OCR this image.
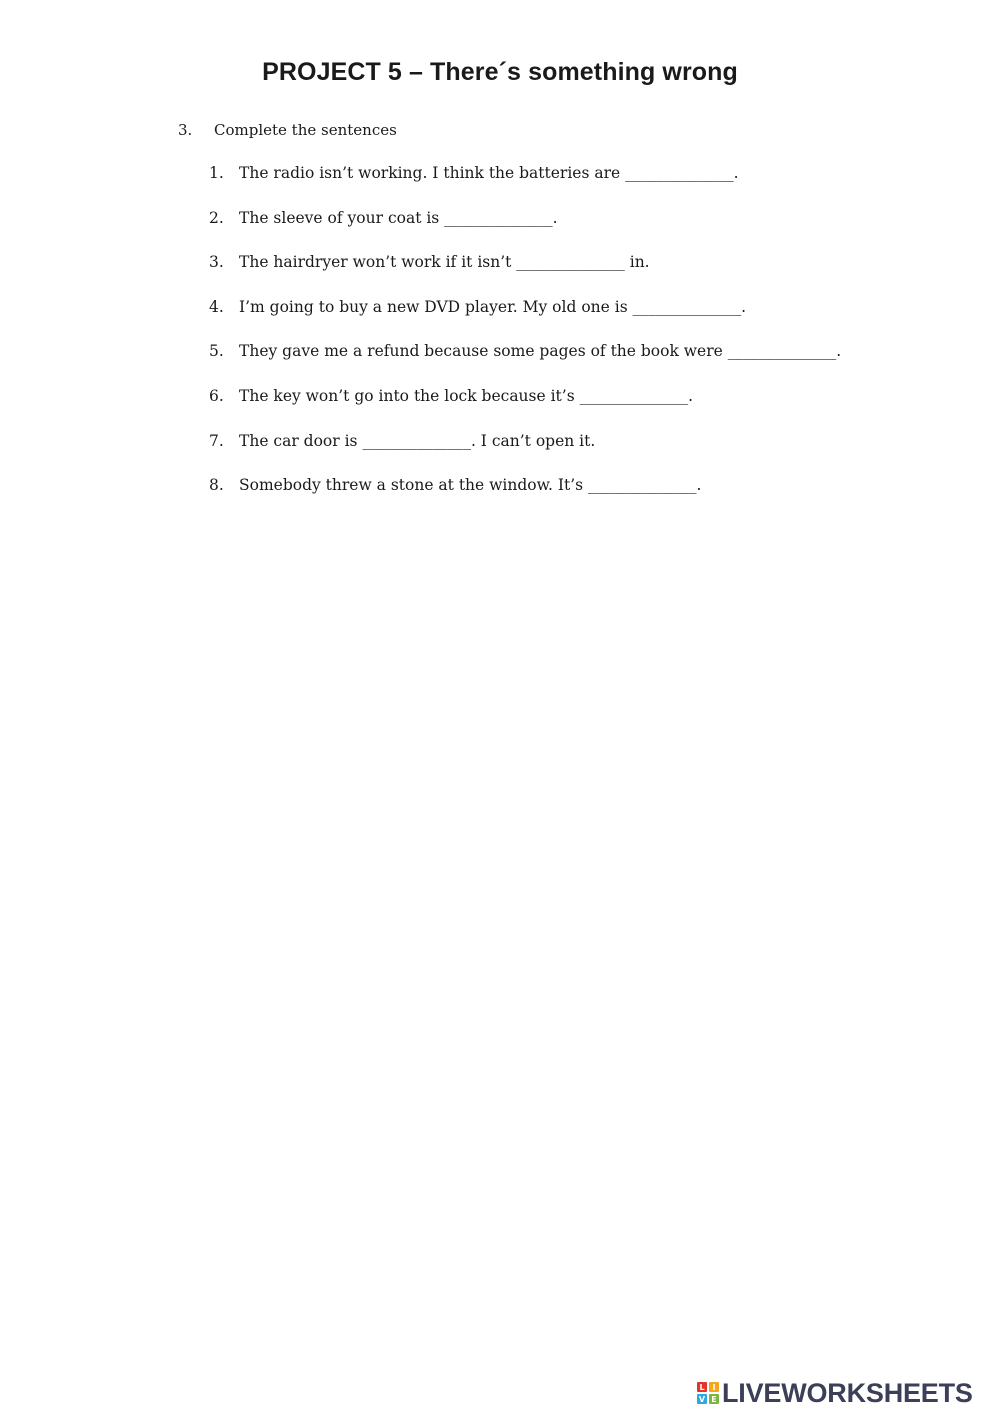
PROJECT 5 – There´s something wrong
3. Complete the sentences
1. The radio isn’t working. I think the batteries are ______________.
2. The sleeve of your coat is ______________.
3. The hairdryer won’t work if it isn’t ______________ in.
4. I’m going to buy a new DVD player. My old one is ______________.
5. They gave me a refund because some pages of the book were ______________.
6. The key won’t go into the lock because it’s ______________.
7. The car door is ______________. I can’t open it.
8. Somebody threw a stone at the window. It’s ______________.
L I
V E LIVEWORKSHEETS
